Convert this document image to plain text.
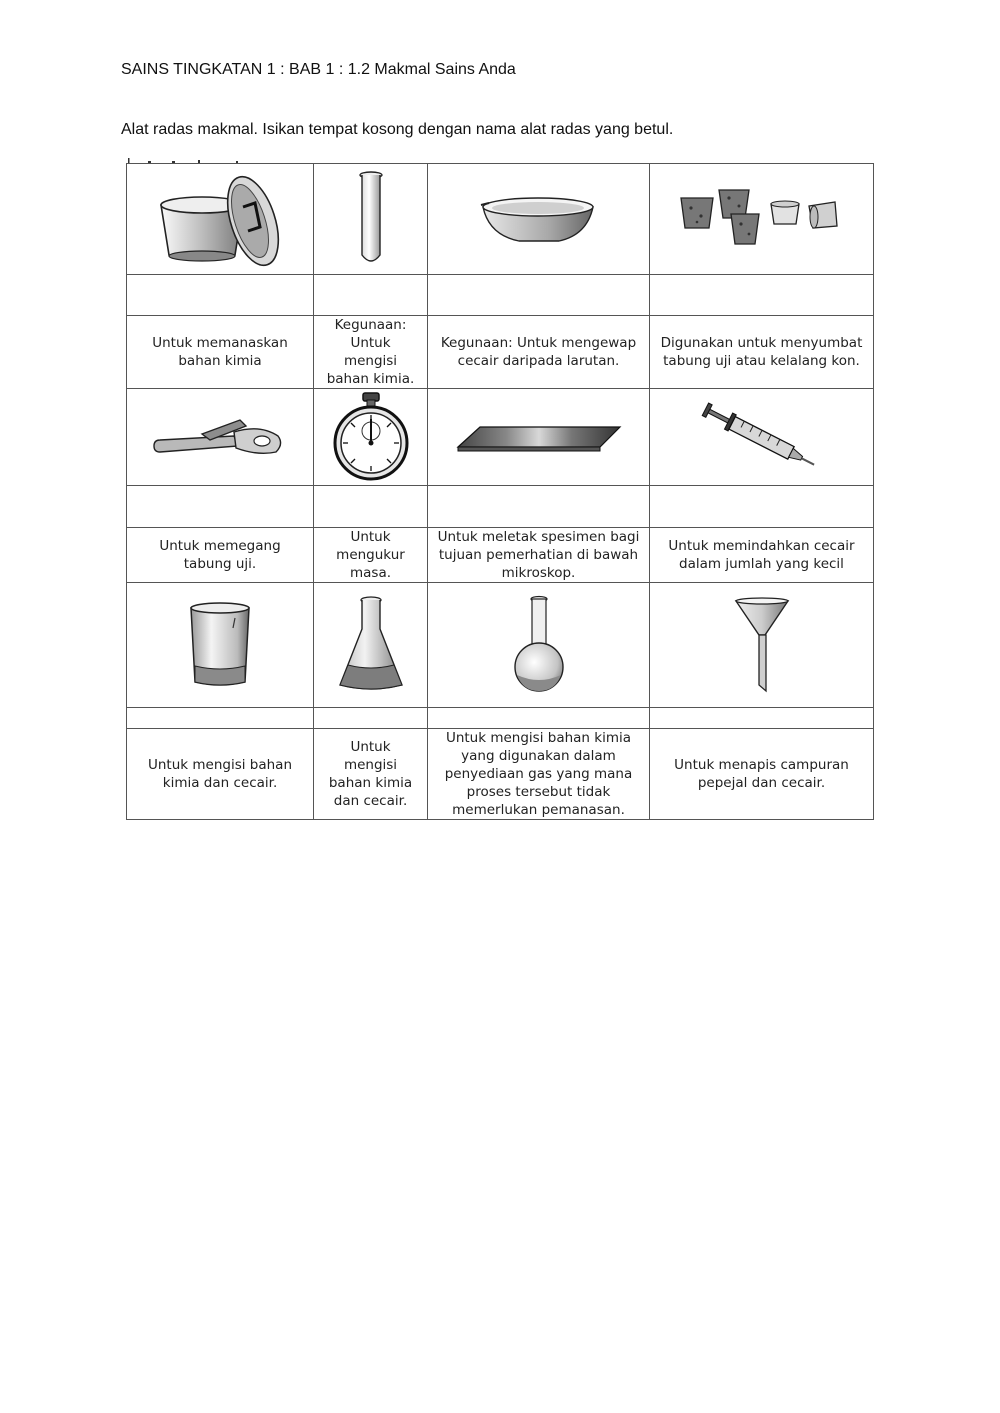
SAINS TINGKATAN 1 : BAB 1 : 1.2 Makmal Sains Anda
Alat radas makmal. Isikan tempat kosong dengan nama alat radas yang betul.

Untuk memanaskan bahan kimia	Kegunaan: Untuk mengisi bahan kimia.	Kegunaan: Untuk mengewap cecair daripada larutan.	Digunakan untuk menyumbat tabung uji atau kelalang kon.

Untuk memegang tabung uji.	Untuk mengukur masa.	Untuk meletak spesimen bagi tujuan pemerhatian di bawah mikroskop.	Untuk memindahkan cecair dalam jumlah yang kecil

Untuk mengisi bahan kimia dan cecair.	Untuk mengisi bahan kimia dan cecair.	Untuk mengisi bahan kimia yang digunakan dalam penyediaan gas yang mana proses tersebut tidak memerlukan pemanasan.	Untuk menapis campuran pepejal dan cecair.
